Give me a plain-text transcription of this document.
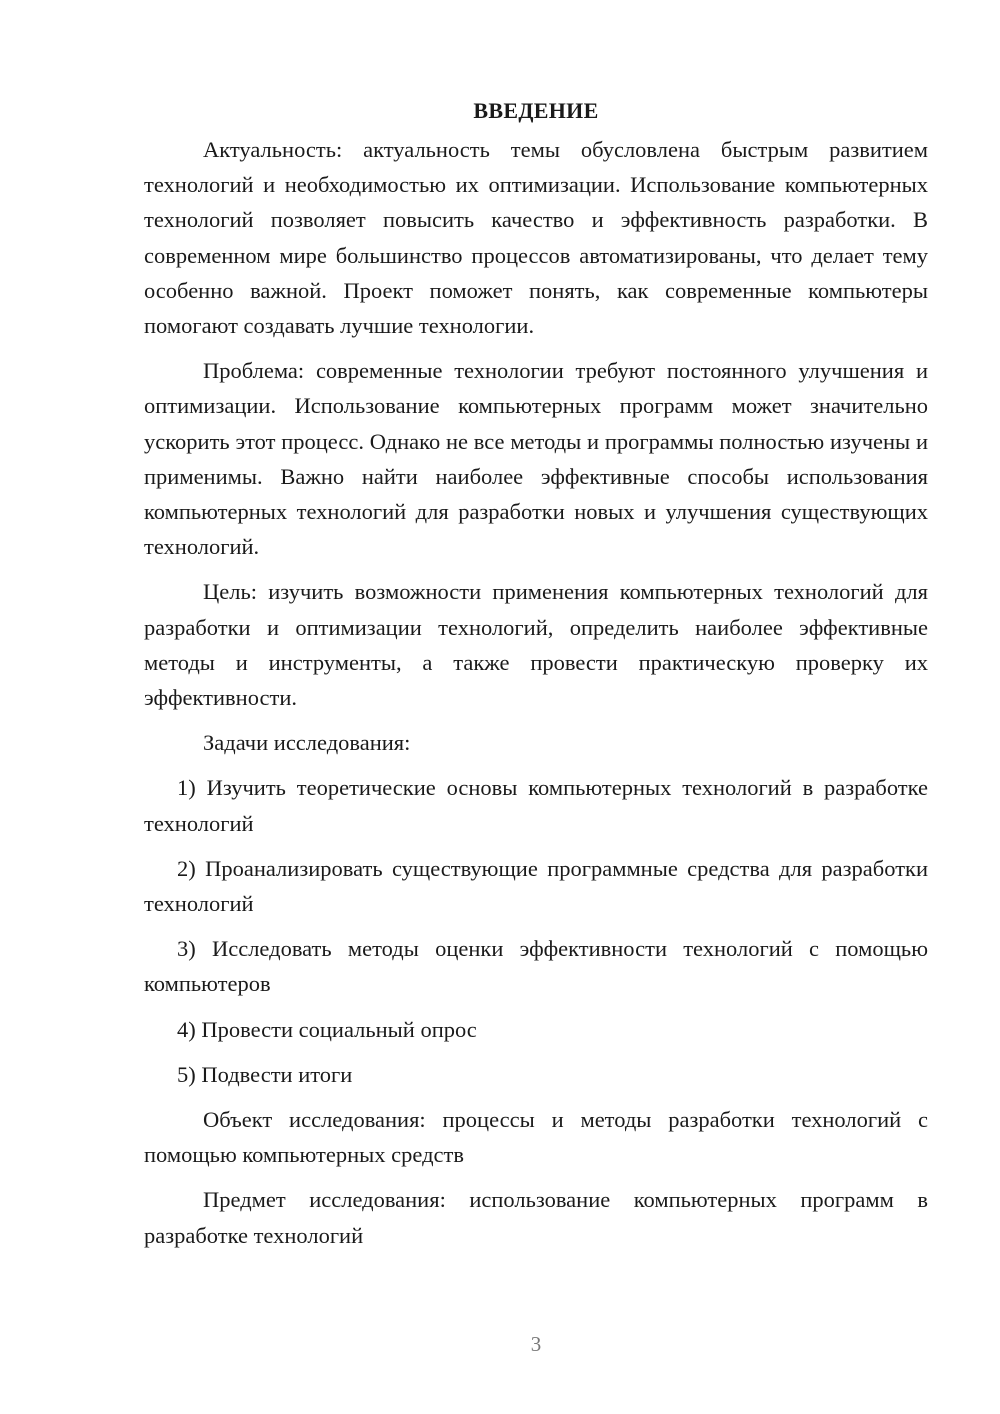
ВВЕДЕНИЕ

Актуальность: актуальность темы обусловлена быстрым развитием технологий и необходимостью их оптимизации. Использование компьютерных технологий позволяет повысить качество и эффективность разработки. В современном мире большинство процессов автоматизированы, что делает тему особенно важной. Проект поможет понять, как современные компьютеры помогают создавать лучшие технологии.

Проблема: современные технологии требуют постоянного улучшения и оптимизации. Использование компьютерных программ может значительно ускорить этот процесс. Однако не все методы и программы полностью изучены и применимы. Важно найти наиболее эффективные способы использования компьютерных технологий для разработки новых и улучшения существующих технологий.

Цель: изучить возможности применения компьютерных технологий для разработки и оптимизации технологий, определить наиболее эффективные методы и инструменты, а также провести практическую проверку их эффективности.

Задачи исследования:

1) Изучить теоретические основы компьютерных технологий в разработке технологий

2) Проанализировать существующие программные средства для разработки технологий

3) Исследовать методы оценки эффективности технологий с помощью компьютеров

4) Провести социальный опрос

5) Подвести итоги

Объект исследования: процессы и методы разработки технологий с помощью компьютерных средств

Предмет исследования: использование компьютерных программ в разработке технологий

3
